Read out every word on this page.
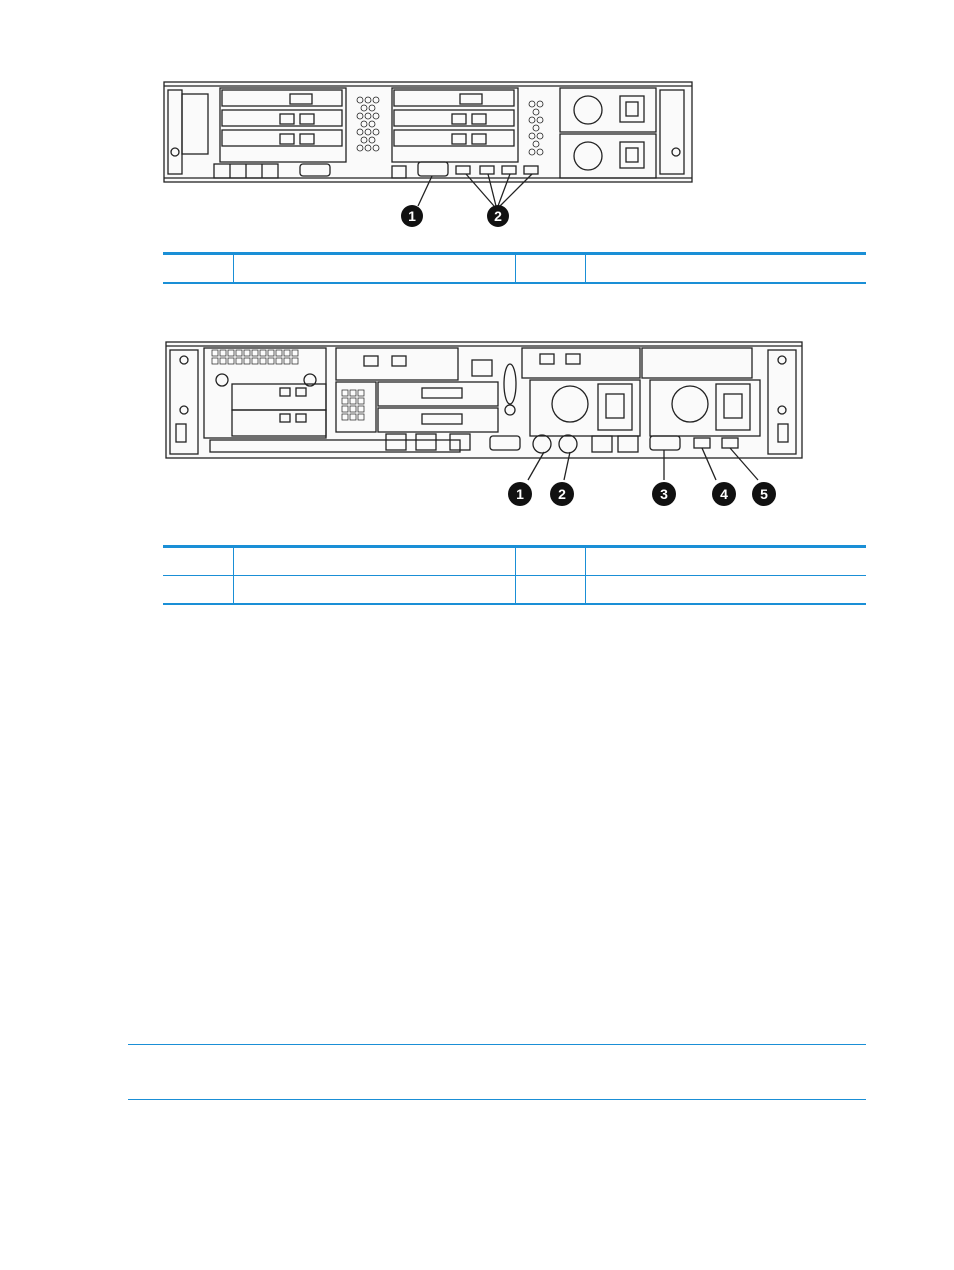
1	2

1 2	3	4 5
